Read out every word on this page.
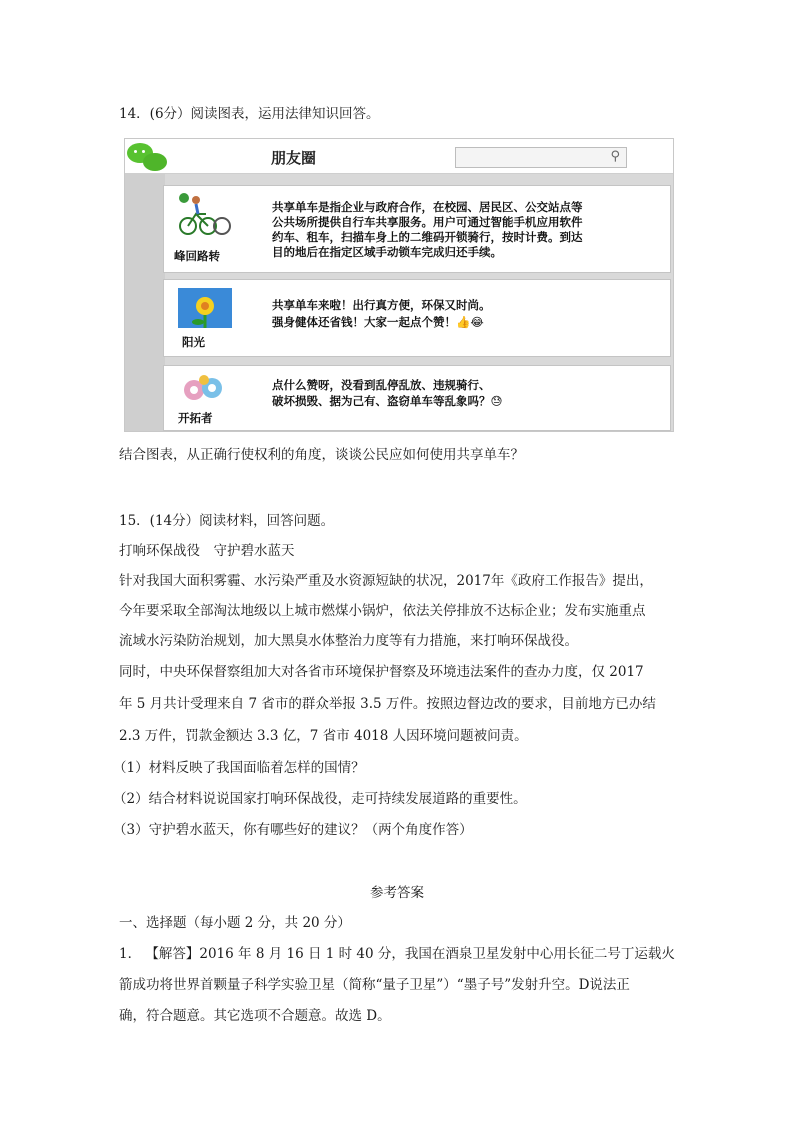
14．(6分）阅读图表，运用法律知识回答。
朋友圈	⚲
峰回路转
共享单车是指企业与政府合作，在校园、居民区、公交站点等
公共场所提供自行车共享服务。用户可通过智能手机应用软件
约车、租车，扫描车身上的二维码开锁骑行，按时计费。到达
目的地后在指定区域手动锁车完成归还手续。
阳光
共享单车来啦！出行真方便，环保又时尚。
强身健体还省钱！大家一起点个赞！👍😂
开拓者
点什么赞呀，没看到乱停乱放、违规骑行、
破坏损毁、据为己有、盗窃单车等乱象吗？😓
结合图表，从正确行使权利的角度，谈谈公民应如何使用共享单车？
15．(14分）阅读材料，回答问题。
打响环保战役　守护碧水蓝天
针对我国大面积雾霾、水污染严重及水资源短缺的状况，2017年《政府工作报告》提出，
今年要采取全部淘汰地级以上城市燃煤小锅炉，依法关停排放不达标企业；发布实施重点
流域水污染防治规划，加大黑臭水体整治力度等有力措施，来打响环保战役。
同时，中央环保督察组加大对各省市环境保护督察及环境违法案件的查办力度，仅 2017
年 5 月共计受理来自 7 省市的群众举报 3.5 万件。按照边督边改的要求，目前地方已办结
2.3 万件，罚款金额达 3.3 亿，7 省市 4018 人因环境问题被问责。
（1）材料反映了我国面临着怎样的国情？
（2）结合材料说说国家打响环保战役，走可持续发展道路的重要性。
（3）守护碧水蓝天，你有哪些好的建议？（两个角度作答）
参考答案
一、选择题（每小题 2 分，共 20 分）
1． 【解答】2016 年 8 月 16 日 1 时 40 分，我国在酒泉卫星发射中心用长征二号丁运载火
箭成功将世界首颗量子科学实验卫星（简称“量子卫星”）“墨子号”发射升空。D说法正
确，符合题意。其它选项不合题意。故选 D。
